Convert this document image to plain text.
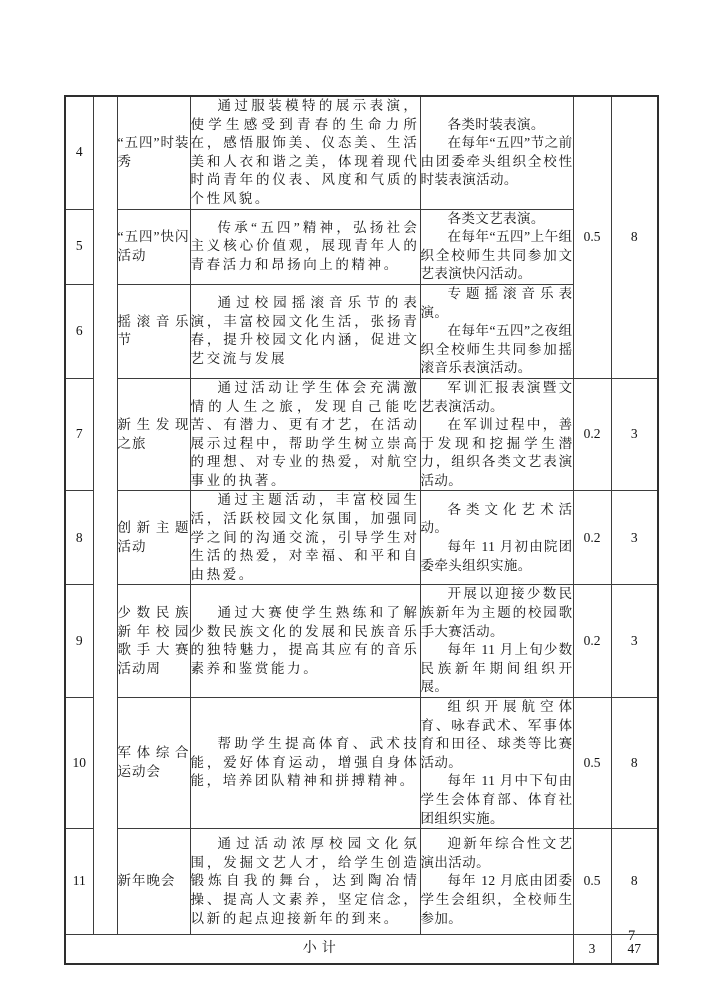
4		“五四”时装秀	通过服装模特的展示表演，使学生感受到青春的生命力所在，感悟服饰美、仪态美、生活美和人衣和谐之美，体现着现代时尚青年的仪表、风度和气质的个性风貌。	各类时装表演。

在每年“五四”节之前由团委牵头组织全校性时装表演活动。	0.5	8
5		“五四”快闪活动	传承“五四”精神，弘扬社会主义核心价值观，展现青年人的青春活力和昂扬向上的精神。	各类文艺表演。

在每年“五四”上午组织全校师生共同参加文艺表演快闪活动。		

6		摇滚音乐节	通过校园摇滚音乐节的表演，丰富校园文化生活，张扬青春，提升校园文化内涵，促进文艺交流与发展	专题摇滚音乐表演。

在每年“五四”之夜组织全校师生共同参加摇滚音乐表演活动。		

7		新生发现之旅	通过活动让学生体会充满激情的人生之旅，发现自己能吃苦、有潜力、更有才艺，在活动展示过程中，帮助学生树立崇高的理想、对专业的热爱，对航空事业的执著。	军训汇报表演暨文艺表演活动。

在军训过程中，善于发现和挖掘学生潜力，组织各类文艺表演活动。	0.2	3
8		创新主题活动	通过主题活动，丰富校园生活，活跃校园文化氛围，加强同学之间的沟通交流，引导学生对生活的热爱，对幸福、和平和自由热爱。	各类文化艺术活动。

每年 11 月初由院团委牵头组织实施。	0.2	3
9		少数民族新年校园歌手大赛活动周	通过大赛使学生熟练和了解少数民族文化的发展和民族音乐的独特魅力，提高其应有的音乐素养和鉴赏能力。	开展以迎接少数民族新年为主题的校园歌手大赛活动。

每年 11 月上旬少数民族新年期间组织开展。	0.2	3
10		军体综合运动会	帮助学生提高体育、武术技能，爱好体育运动，增强自身体能，培养团队精神和拼搏精神。	组织开展航空体育、咏春武术、军事体育和田径、球类等比赛活动。

每年 11 月中下旬由学生会体育部、体育社团组织实施。	0.5	8
11		新年晚会	通过活动浓厚校园文化氛围，发掘文艺人才，给学生创造锻炼自我的舞台，达到陶冶情操、提高人文素养，坚定信念，以新的起点迎接新年的到来。	迎新年综合性文艺演出活动。

每年 12 月底由团委学生会组织，全校师生参加。	0.5	8
小计					3	47
7
